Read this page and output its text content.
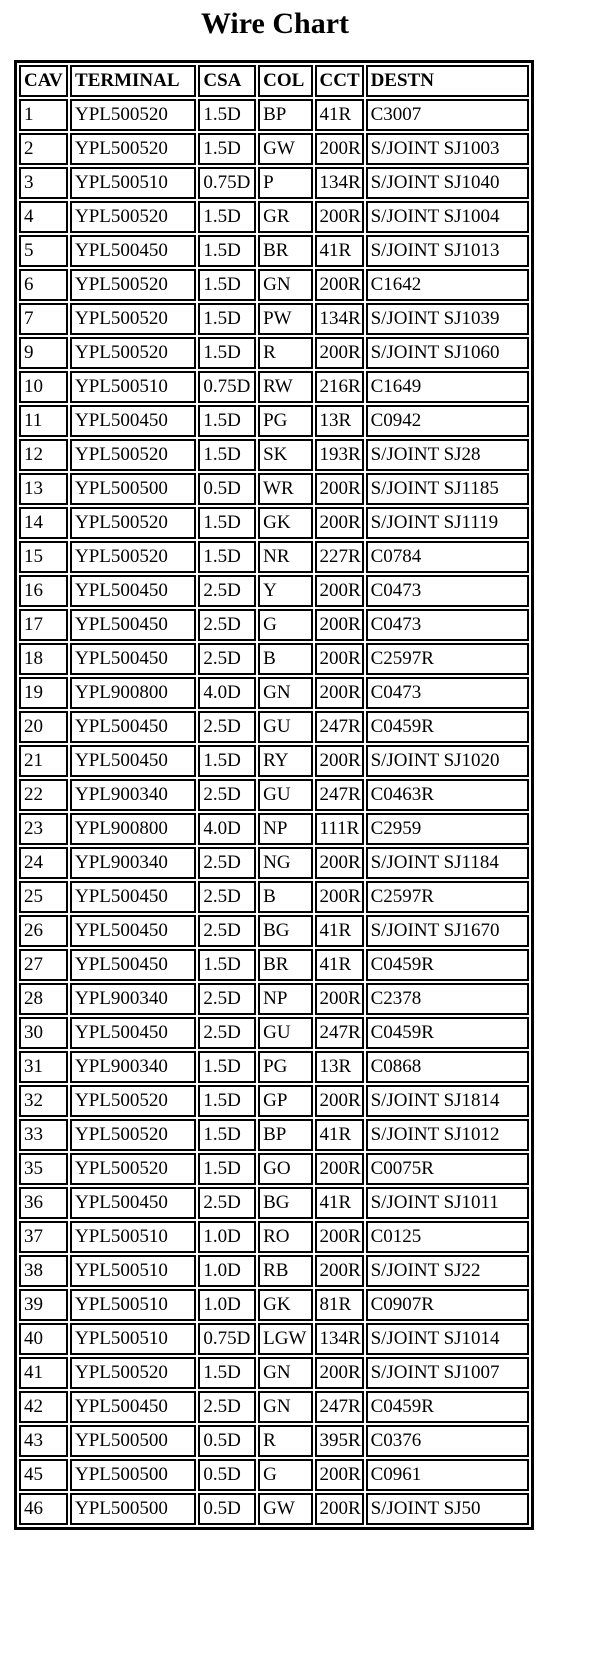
Wire Chart
CAV	TERMINAL	CSA	COL	CCT	DESTN
1	YPL500520	1.5D	BP	41R	C3007
2	YPL500520	1.5D	GW	200R	S/JOINT SJ1003
3	YPL500510	0.75D	P	134R	S/JOINT SJ1040
4	YPL500520	1.5D	GR	200R	S/JOINT SJ1004
5	YPL500450	1.5D	BR	41R	S/JOINT SJ1013
6	YPL500520	1.5D	GN	200R	C1642
7	YPL500520	1.5D	PW	134R	S/JOINT SJ1039
9	YPL500520	1.5D	R	200R	S/JOINT SJ1060
10	YPL500510	0.75D	RW	216R	C1649
11	YPL500450	1.5D	PG	13R	C0942
12	YPL500520	1.5D	SK	193R	S/JOINT SJ28
13	YPL500500	0.5D	WR	200R	S/JOINT SJ1185
14	YPL500520	1.5D	GK	200R	S/JOINT SJ1119
15	YPL500520	1.5D	NR	227R	C0784
16	YPL500450	2.5D	Y	200R	C0473
17	YPL500450	2.5D	G	200R	C0473
18	YPL500450	2.5D	B	200R	C2597R
19	YPL900800	4.0D	GN	200R	C0473
20	YPL500450	2.5D	GU	247R	C0459R
21	YPL500450	1.5D	RY	200R	S/JOINT SJ1020
22	YPL900340	2.5D	GU	247R	C0463R
23	YPL900800	4.0D	NP	111R	C2959
24	YPL900340	2.5D	NG	200R	S/JOINT SJ1184
25	YPL500450	2.5D	B	200R	C2597R
26	YPL500450	2.5D	BG	41R	S/JOINT SJ1670
27	YPL500450	1.5D	BR	41R	C0459R
28	YPL900340	2.5D	NP	200R	C2378
30	YPL500450	2.5D	GU	247R	C0459R
31	YPL900340	1.5D	PG	13R	C0868
32	YPL500520	1.5D	GP	200R	S/JOINT SJ1814
33	YPL500520	1.5D	BP	41R	S/JOINT SJ1012
35	YPL500520	1.5D	GO	200R	C0075R
36	YPL500450	2.5D	BG	41R	S/JOINT SJ1011
37	YPL500510	1.0D	RO	200R	C0125
38	YPL500510	1.0D	RB	200R	S/JOINT SJ22
39	YPL500510	1.0D	GK	81R	C0907R
40	YPL500510	0.75D	LGW	134R	S/JOINT SJ1014
41	YPL500520	1.5D	GN	200R	S/JOINT SJ1007
42	YPL500450	2.5D	GN	247R	C0459R
43	YPL500500	0.5D	R	395R	C0376
45	YPL500500	0.5D	G	200R	C0961
46	YPL500500	0.5D	GW	200R	S/JOINT SJ50
